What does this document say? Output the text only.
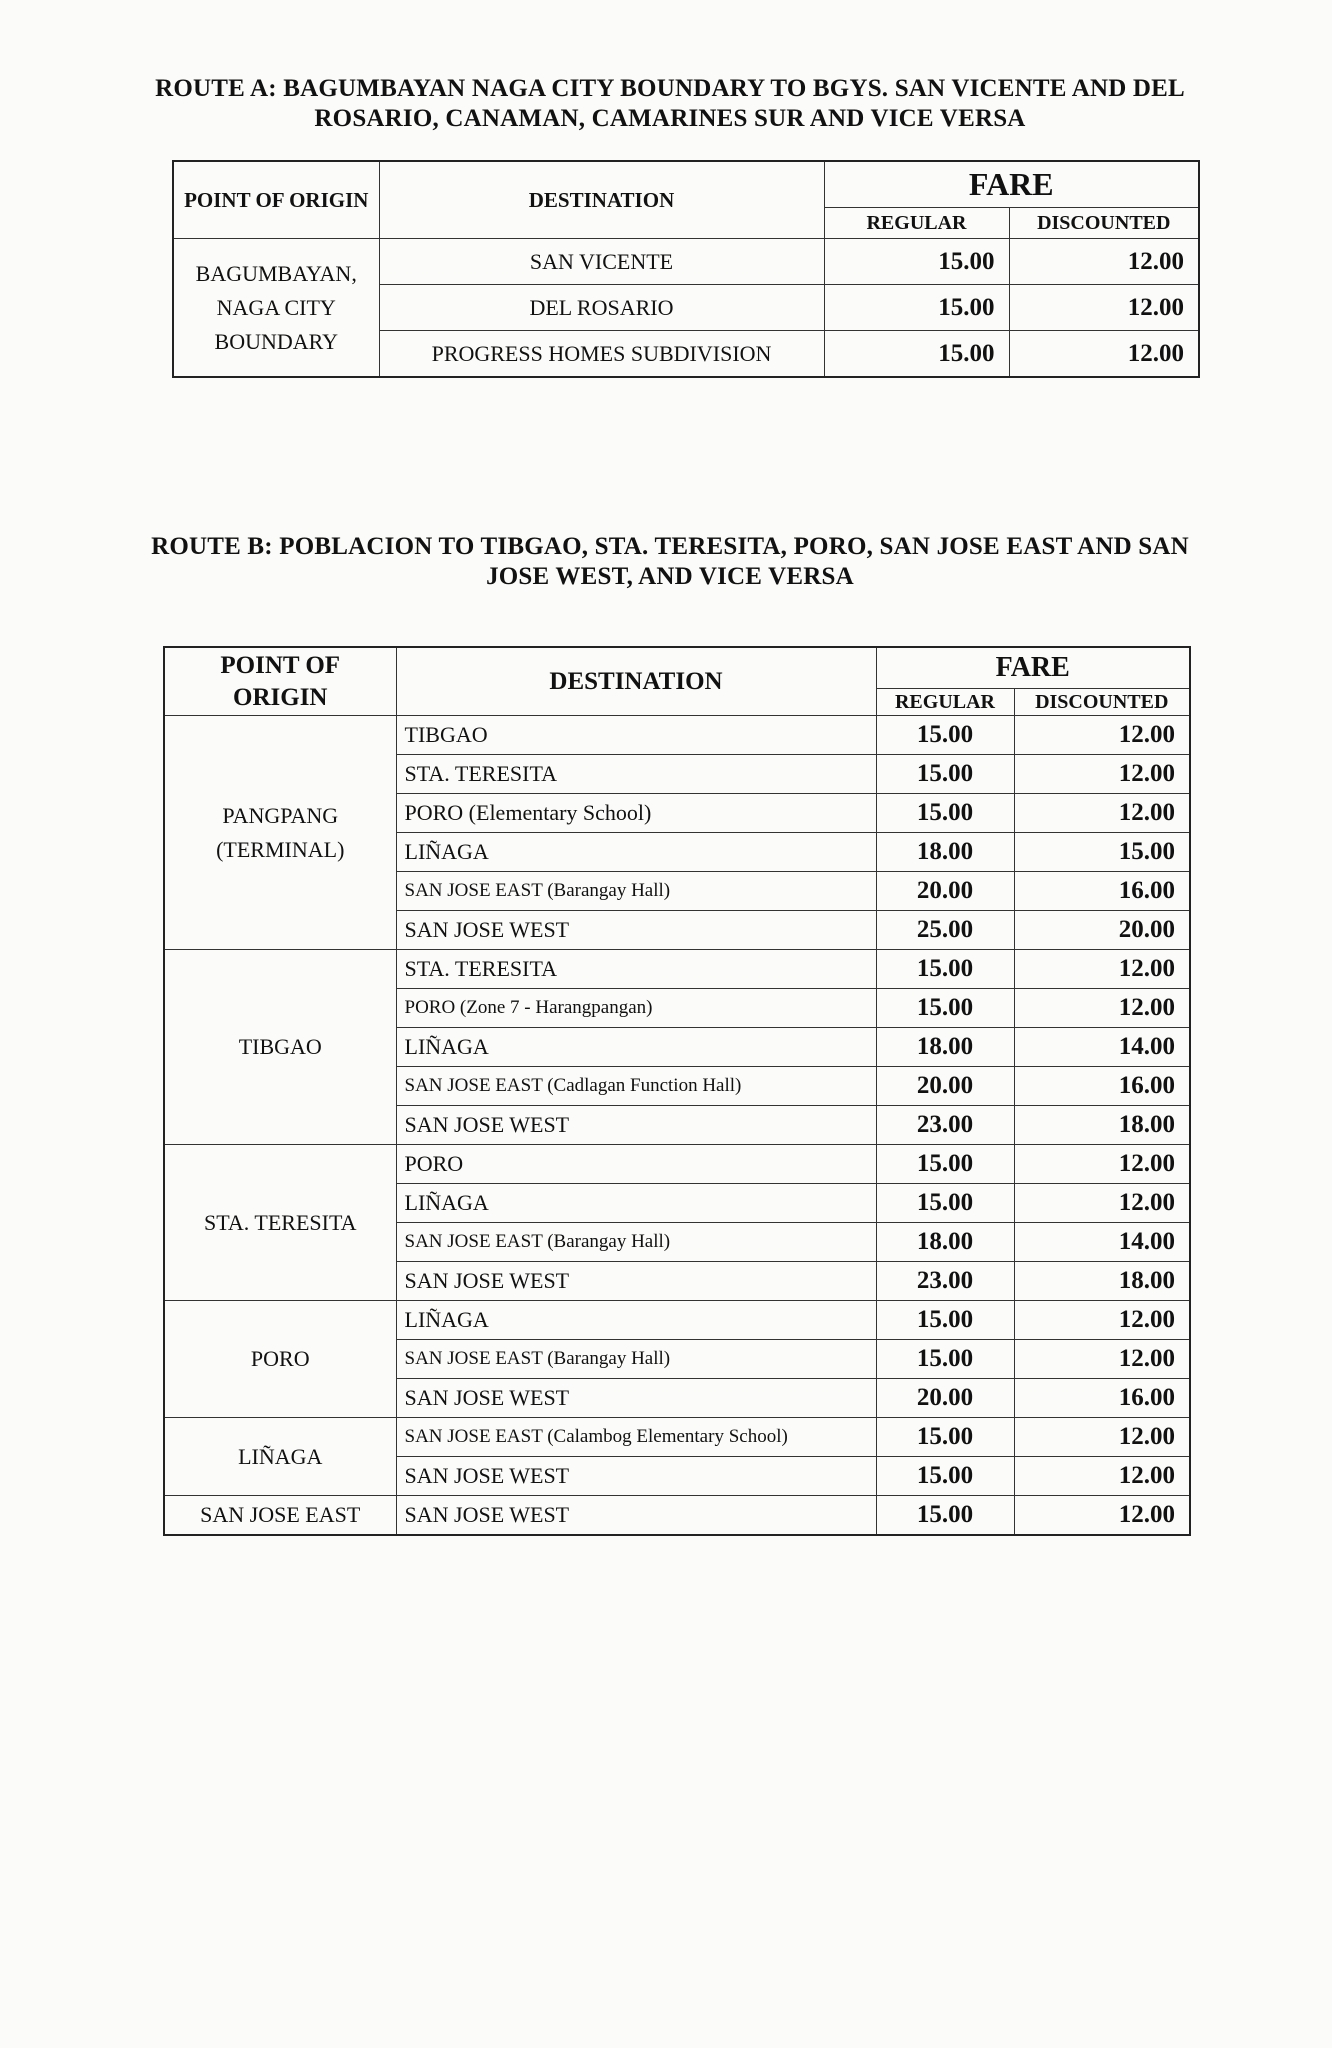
ROUTE A: BAGUMBAYAN NAGA CITY BOUNDARY TO BGYS. SAN VICENTE AND DEL ROSARIO, CANAMAN, CAMARINES SUR AND VICE VERSA
POINT OF ORIGIN	DESTINATION	FARE	
		REGULAR	DISCOUNTED
BAGUMBAYAN, NAGA CITY BOUNDARY	SAN VICENTE	15.00	12.00
	DEL ROSARIO	15.00	12.00
	PROGRESS HOMES SUBDIVISION	15.00	12.00
ROUTE B: POBLACION TO TIBGAO, STA. TERESITA, PORO, SAN JOSE EAST AND SAN JOSE WEST, AND VICE VERSA
POINT OF ORIGIN	DESTINATION	FARE	
		REGULAR	DISCOUNTED
PANGPANG (TERMINAL)	TIBGAO	15.00	12.00
	STA. TERESITA	15.00	12.00
	PORO (Elementary School)	15.00	12.00
	LIÑAGA	18.00	15.00
	SAN JOSE EAST (Barangay Hall)	20.00	16.00
	SAN JOSE WEST	25.00	20.00
TIBGAO	STA. TERESITA	15.00	12.00
	PORO (Zone 7 - Harangpangan)	15.00	12.00
	LIÑAGA	18.00	14.00
	SAN JOSE EAST (Cadlagan Function Hall)	20.00	16.00
	SAN JOSE WEST	23.00	18.00
STA. TERESITA	PORO	15.00	12.00
	LIÑAGA	15.00	12.00
	SAN JOSE EAST (Barangay Hall)	18.00	14.00
	SAN JOSE WEST	23.00	18.00
PORO	LIÑAGA	15.00	12.00
	SAN JOSE EAST (Barangay Hall)	15.00	12.00
	SAN JOSE WEST	20.00	16.00
LIÑAGA	SAN JOSE EAST (Calambog Elementary School)	15.00	12.00
	SAN JOSE WEST	15.00	12.00
SAN JOSE EAST	SAN JOSE WEST	15.00	12.00
